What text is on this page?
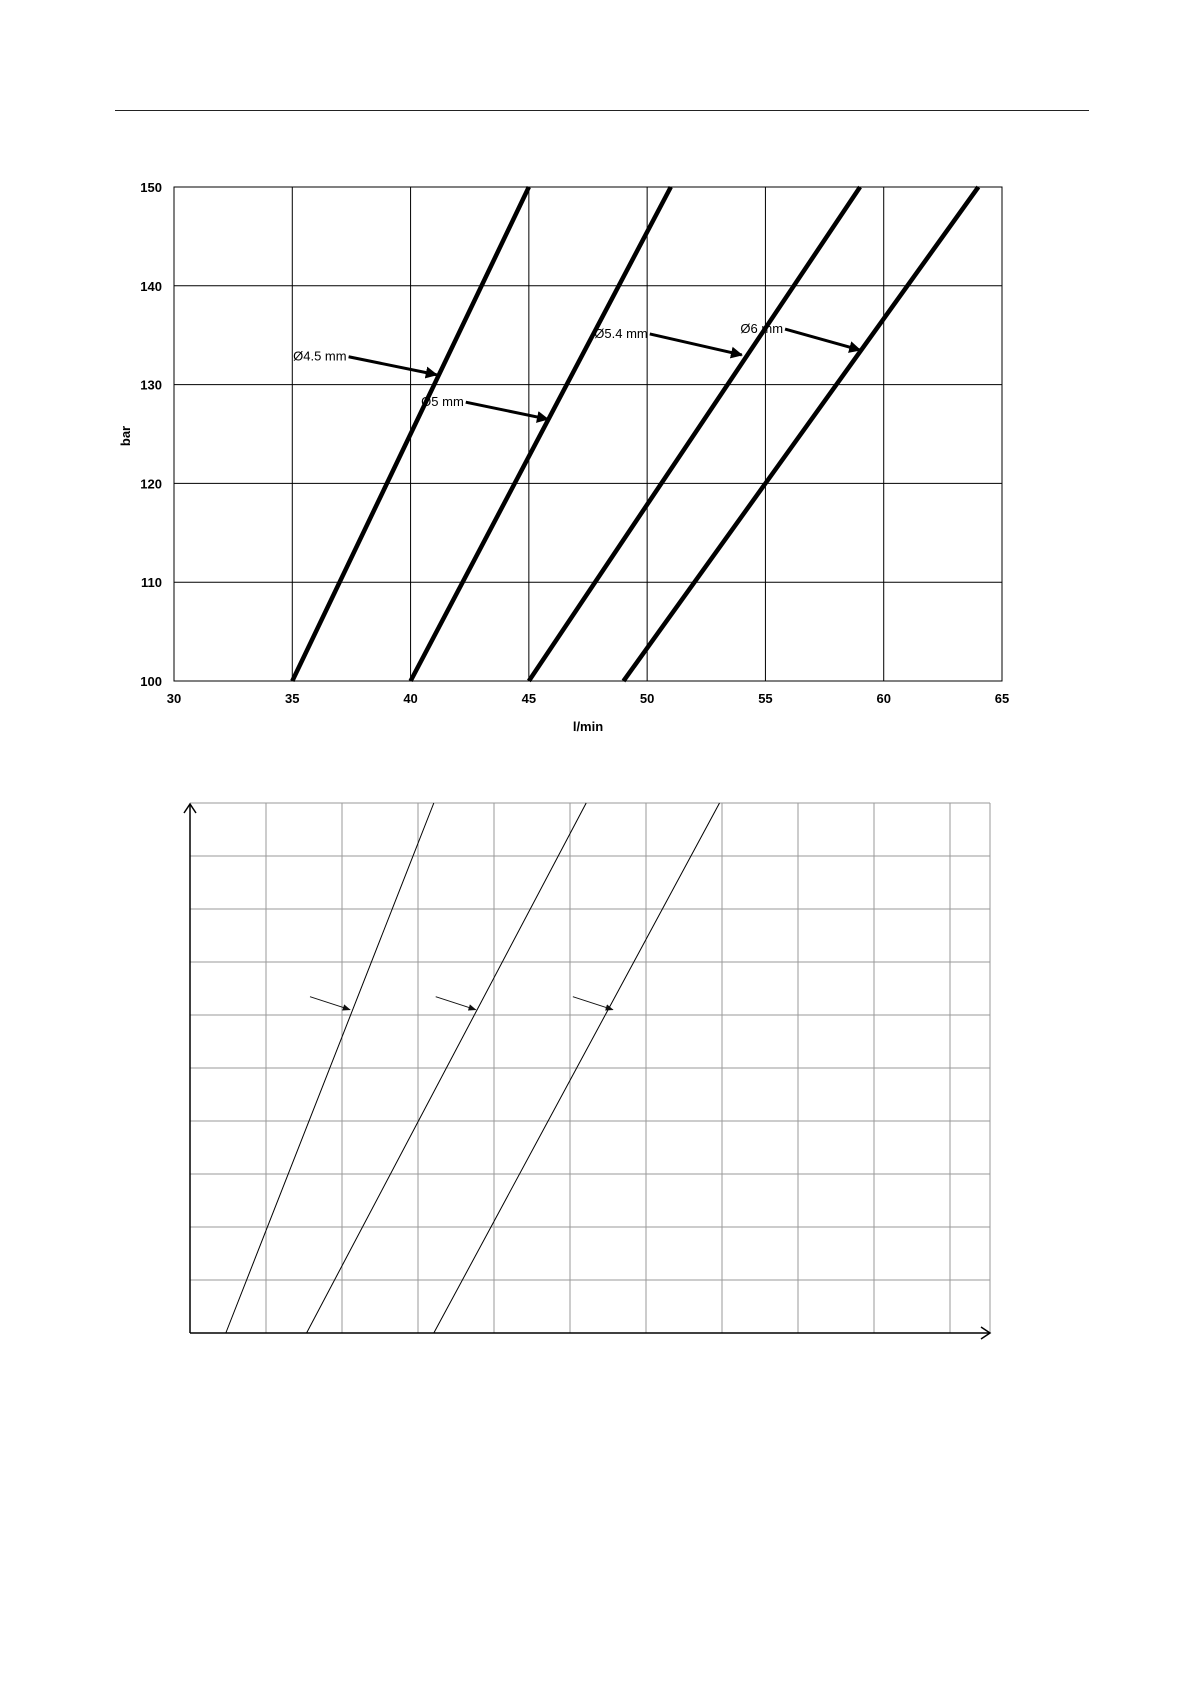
30	35	40	45	50	55	60	65
100
110
120
130
140
150
l/min
bar
Ø4.5 mm
Ø5 mm
Ø5.4 mm	Ø6 mm
